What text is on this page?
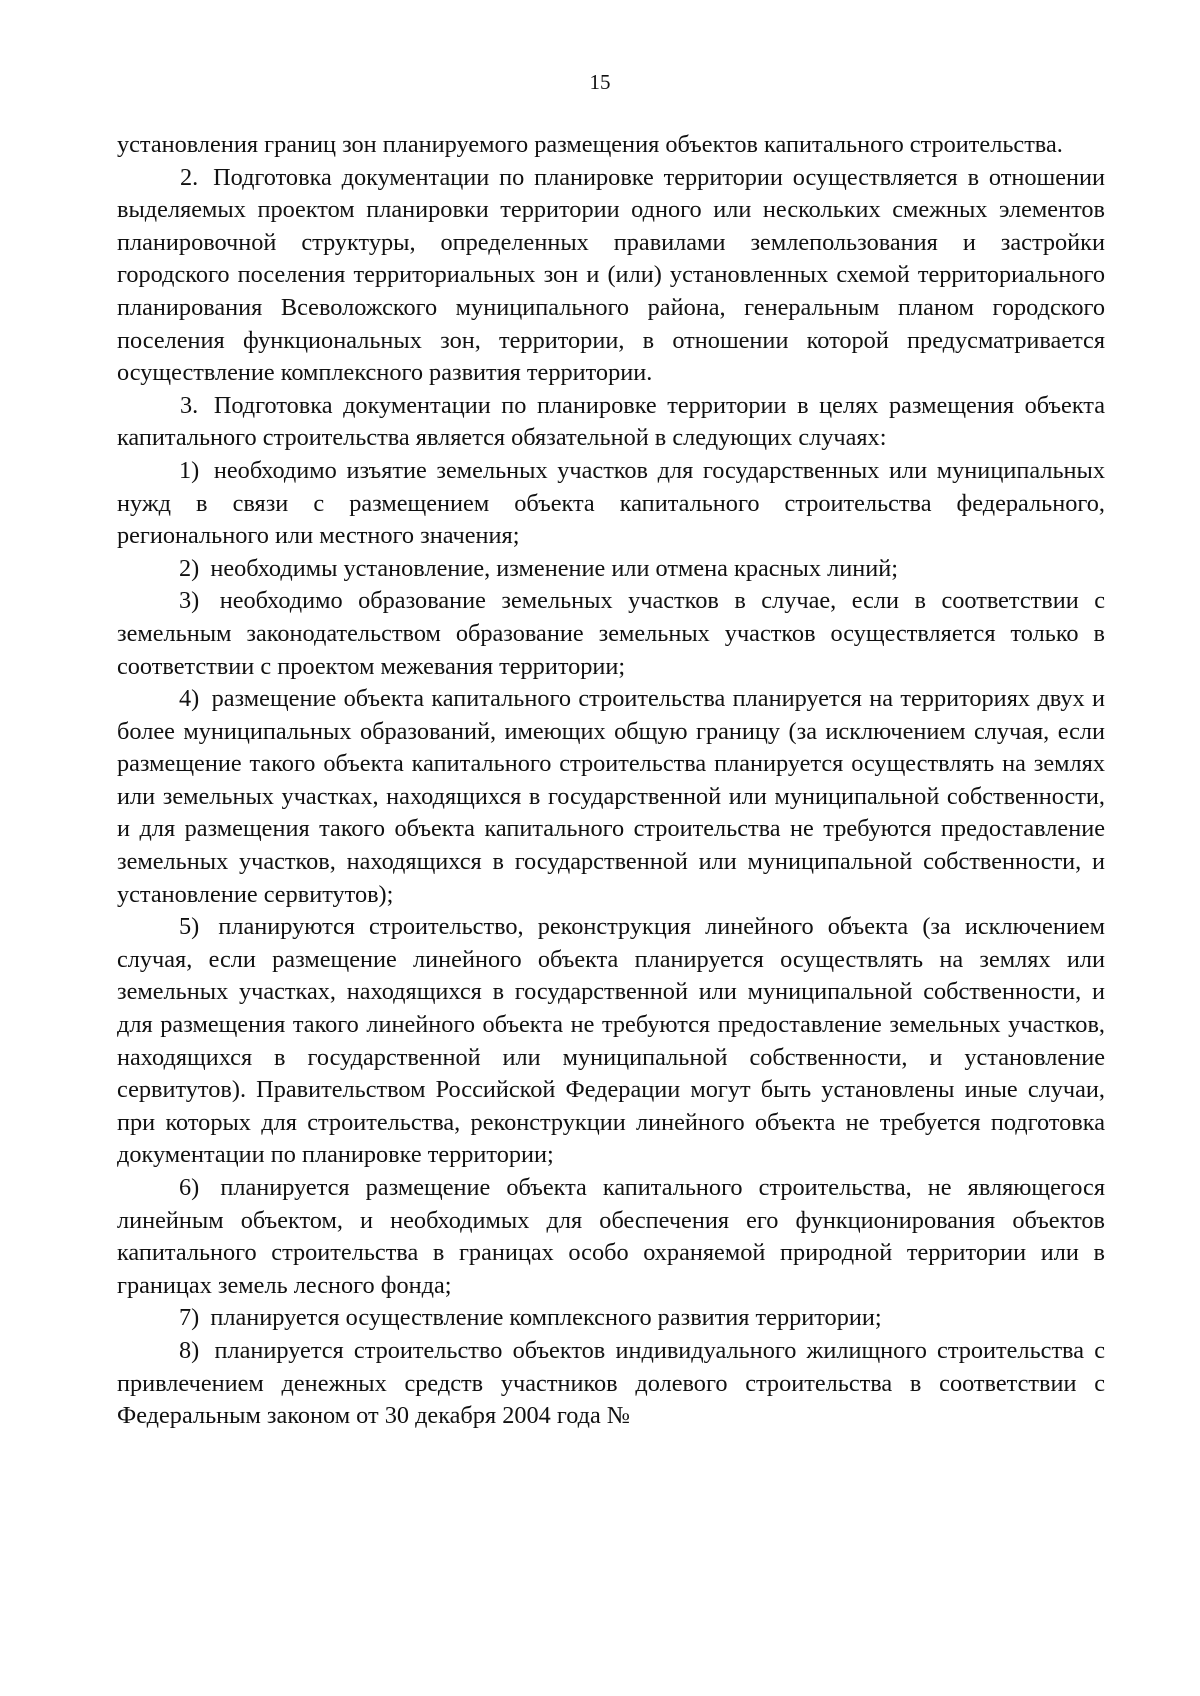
15

установления границ зон планируемого размещения объектов капитального строительства.

2. Подготовка документации по планировке территории осуществляется в отношении выделяемых проектом планировки территории одного или нескольких смежных элементов планировочной структуры, определенных правилами землепользования и застройки городского поселения территориальных зон и (или) установленных схемой территориального планирования Всеволожского муниципального района, генеральным планом городского поселения функциональных зон, территории, в отношении которой предусматривается осуществление комплексного развития территории.

3. Подготовка документации по планировке территории в целях размещения объекта капитального строительства является обязательной в следующих случаях:

1) необходимо изъятие земельных участков для государственных или муниципальных нужд в связи с размещением объекта капитального строительства федерального, регионального или местного значения;

2) необходимы установление, изменение или отмена красных линий;

3) необходимо образование земельных участков в случае, если в соответствии с земельным законодательством образование земельных участков осуществляется только в соответствии с проектом межевания территории;

4) размещение объекта капитального строительства планируется на территориях двух и более муниципальных образований, имеющих общую границу (за исключением случая, если размещение такого объекта капитального строительства планируется осуществлять на землях или земельных участках, находящихся в государственной или муниципальной собственности, и для размещения такого объекта капитального строительства не требуются предоставление земельных участков, находящихся в государственной или муниципальной собственности, и установление сервитутов);

5) планируются строительство, реконструкция линейного объекта (за исключением случая, если размещение линейного объекта планируется осуществлять на землях или земельных участках, находящихся в государственной или муниципальной собственности, и для размещения такого линейного объекта не требуются предоставление земельных участков, находящихся в государственной или муниципальной собственности, и установление сервитутов). Правительством Российской Федерации могут быть установлены иные случаи, при которых для строительства, реконструкции линейного объекта не требуется подготовка документации по планировке территории;

6) планируется размещение объекта капитального строительства, не являющегося линейным объектом, и необходимых для обеспечения его функционирования объектов капитального строительства в границах особо охраняемой природной территории или в границах земель лесного фонда;

7) планируется осуществление комплексного развития территории;

8) планируется строительство объектов индивидуального жилищного строительства с привлечением денежных средств участников долевого строительства в соответствии с Федеральным законом от 30 декабря 2004 года №
